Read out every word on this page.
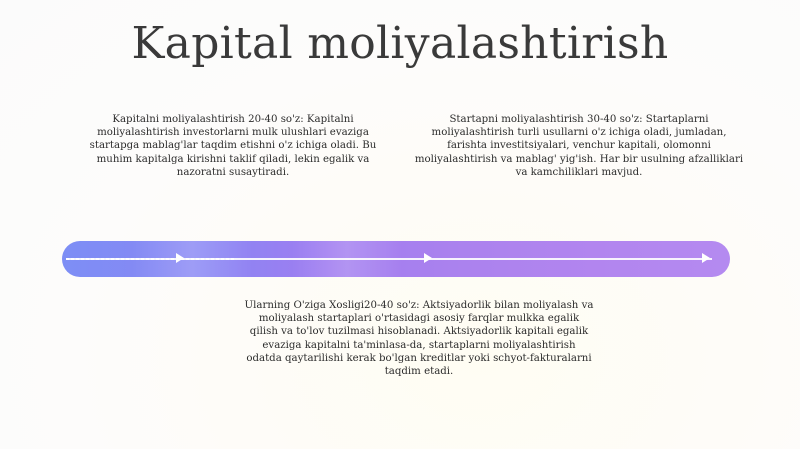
Kapital moliyalashtirish

Kapitalni moliyalashtirish 20-40 so'z: Kapitalni moliyalashtirish investorlarni mulk ulushlari evaziga startapga mablag'lar taqdim etishni o'z ichiga oladi. Bu muhim kapitalga kirishni taklif qiladi, lekin egalik va nazoratni susaytiradi.

Startapni moliyalashtirish 30-40 so'z: Startaplarni moliyalashtirish turli usullarni o'z ichiga oladi, jumladan, farishta investitsiyalari, venchur kapitali, olomonni moliyalashtirish va mablag' yig'ish. Har bir usulning afzalliklari va kamchiliklari mavjud.

Ularning O'ziga Xosligi20-40 so'z: Aktsiyadorlik bilan moliyalash va moliyalash startaplari o'rtasidagi asosiy farqlar mulkka egalik qilish va to'lov tuzilmasi hisoblanadi. Aktsiyadorlik kapitali egalik evaziga kapitalni ta'minlasa-da, startaplarni moliyalashtirish odatda qaytarilishi kerak bo'lgan kreditlar yoki schyot-fakturalarni taqdim etadi.
